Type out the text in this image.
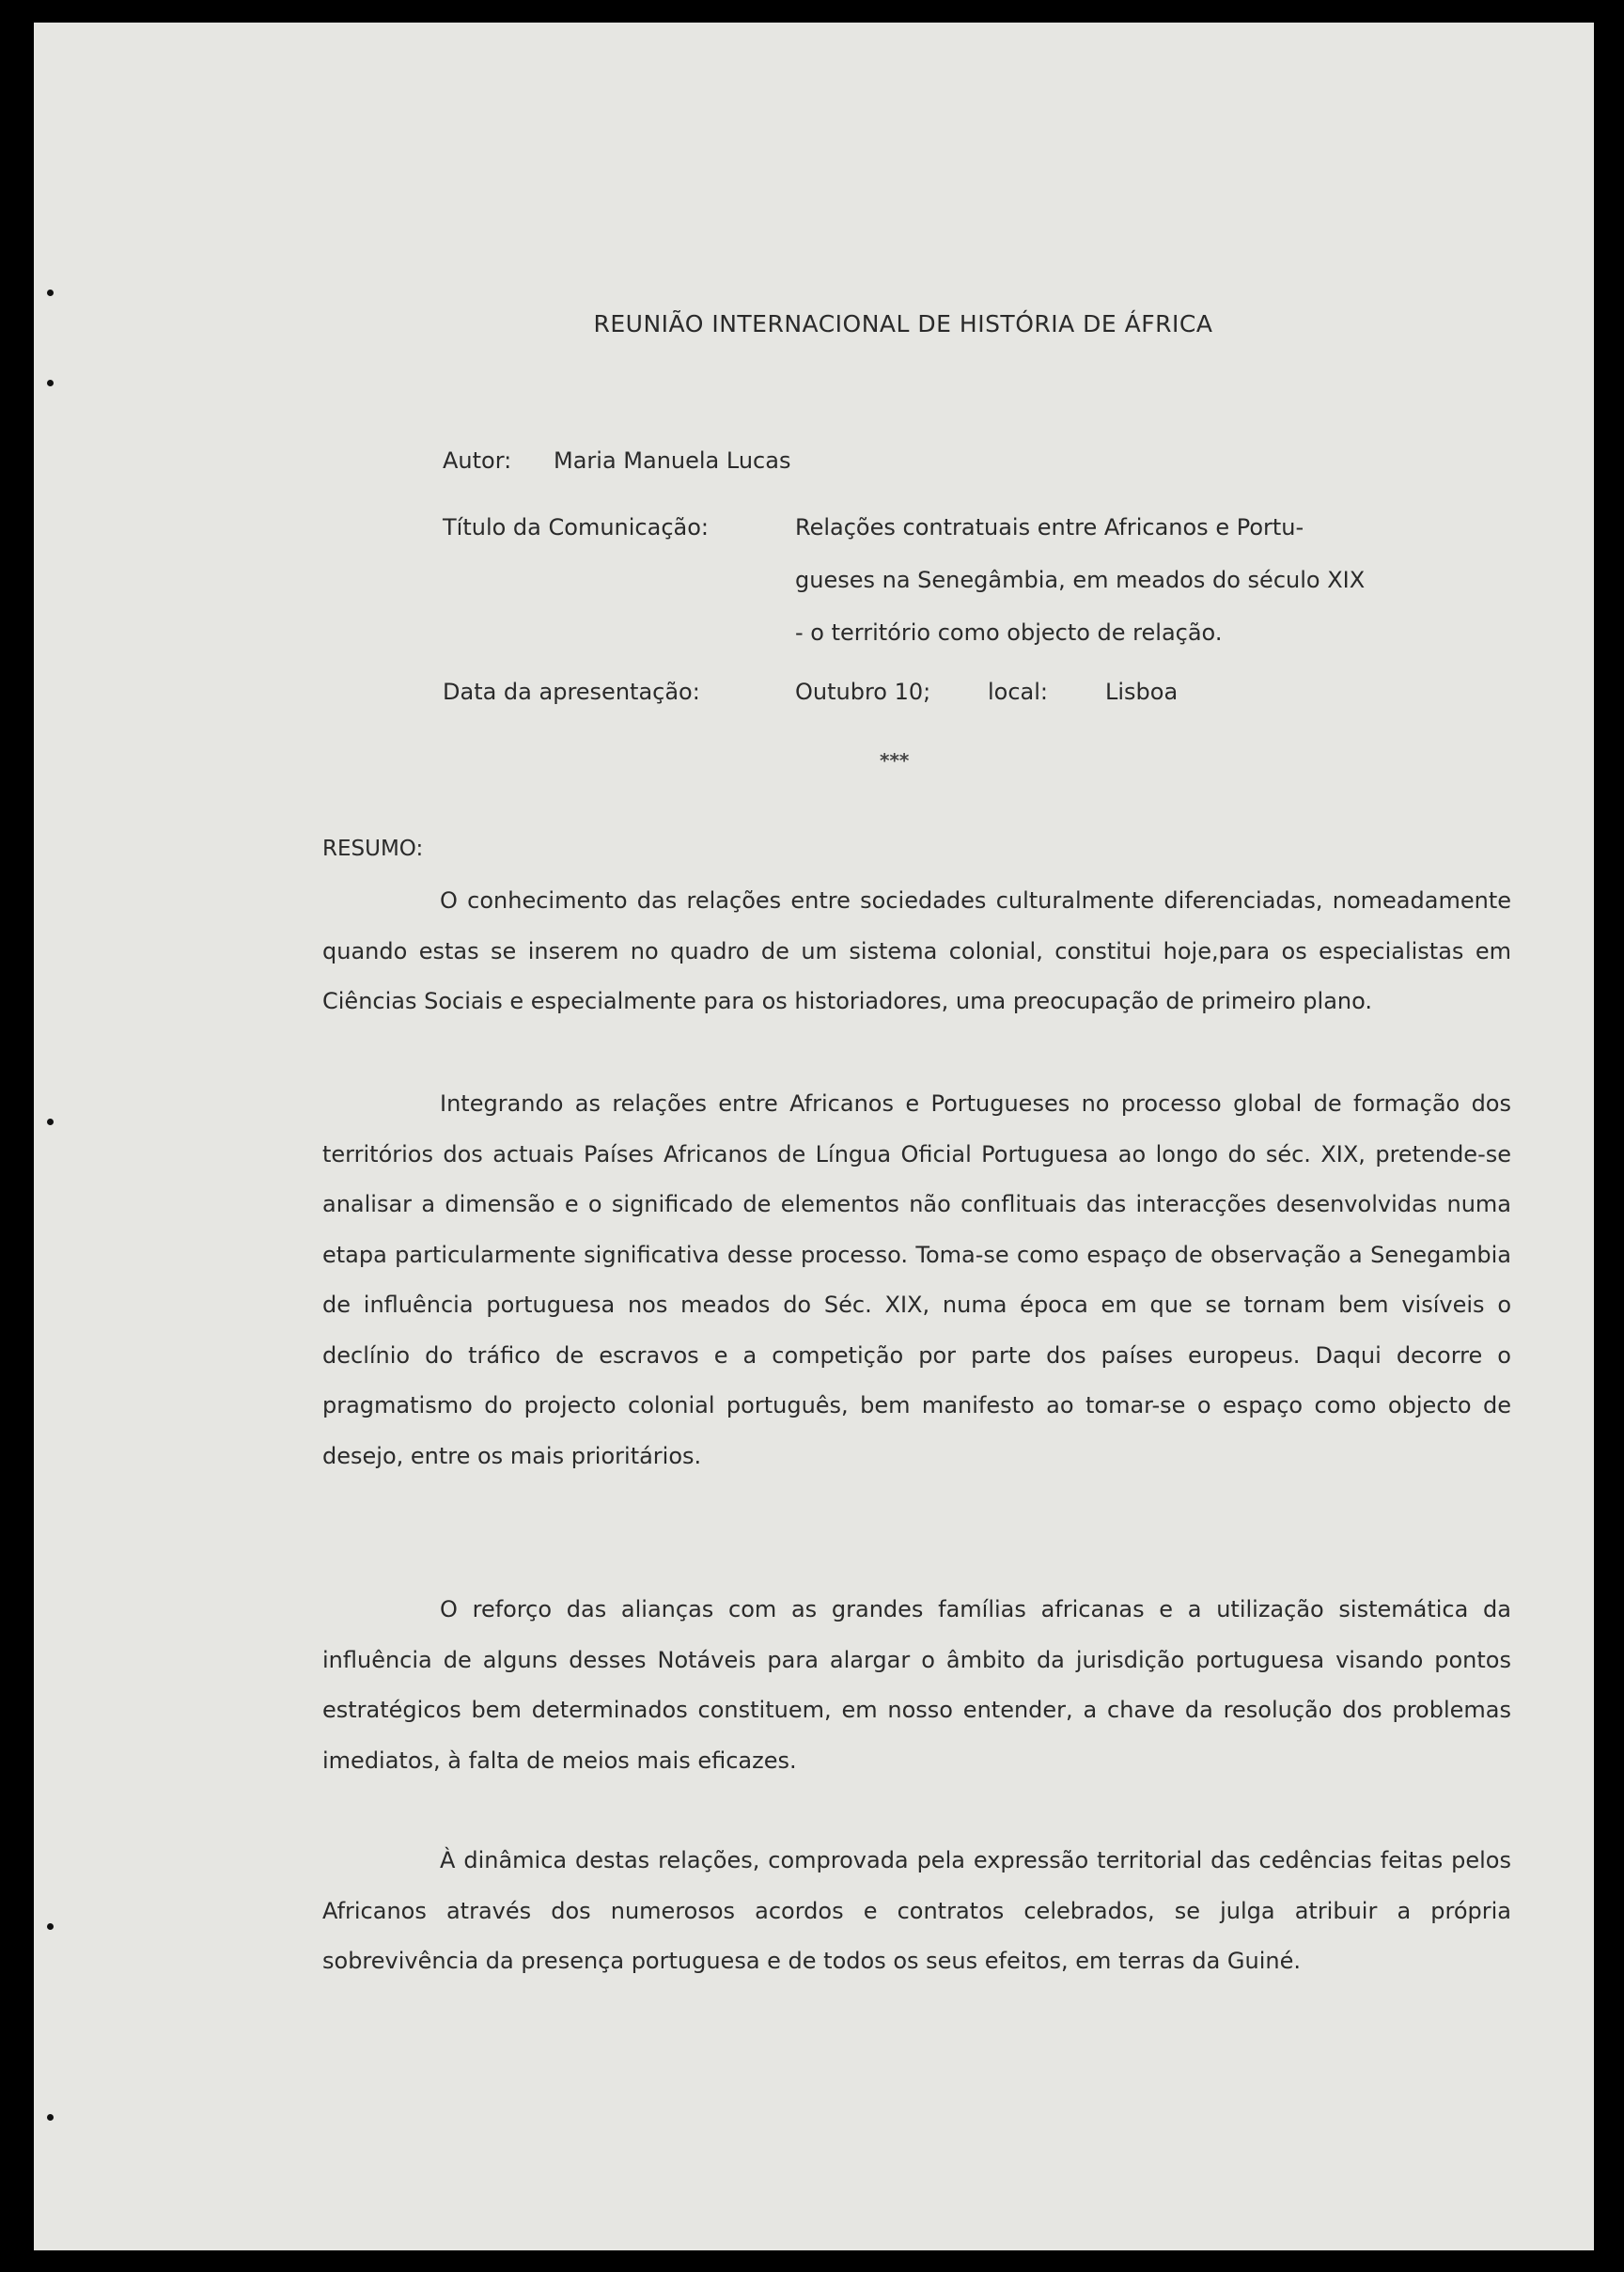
REUNIÃO INTERNACIONAL DE HISTÓRIA DE ÁFRICA
Autor: Maria Manuela Lucas
Título da Comunicação:	Relações contratuais entre Africanos e Portu-
gueses na Senegâmbia, em meados do século XIX
- o território como objecto de relação.
Data da apresentação:	Outubro 10;	local:	Lisboa
***
RESUMO:

O conhecimento das relações entre sociedades culturalmente diferenciadas, nomeadamente quando estas se inserem no quadro de um sistema colonial, constitui hoje,para os especialistas em Ciências Sociais e especialmente para os historiadores, uma preocupação de primeiro plano.

Integrando as relações entre Africanos e Portugueses no processo global de formação dos territórios dos actuais Países Africanos de Língua Oficial Portuguesa ao longo do séc. XIX, pretende-se analisar a dimensão e o significado de elementos não conflituais das interacções desenvolvidas numa etapa particularmente significativa desse processo. Toma-se como espaço de observação a Senegambia de influência portuguesa nos meados do Séc. XIX, numa época em que se tornam bem visíveis o declínio do tráfico de escravos e a competição por parte dos países europeus. Daqui decorre o pragmatismo do projecto colonial português, bem manifesto ao tomar-se o espaço como objecto de desejo, entre os mais prioritários.

O reforço das alianças com as grandes famílias africanas e a utilização sistemática da influência de alguns desses Notáveis para alargar o âmbito da jurisdição portuguesa visando pontos estratégicos bem determinados constituem, em nosso entender, a chave da resolução dos problemas imediatos, à falta de meios mais eficazes.

À dinâmica destas relações, comprovada pela expressão territorial das cedências feitas pelos Africanos através dos numerosos acordos e contratos celebrados, se julga atribuir a própria sobrevivência da presença portuguesa e de todos os seus efeitos, em terras da Guiné.
